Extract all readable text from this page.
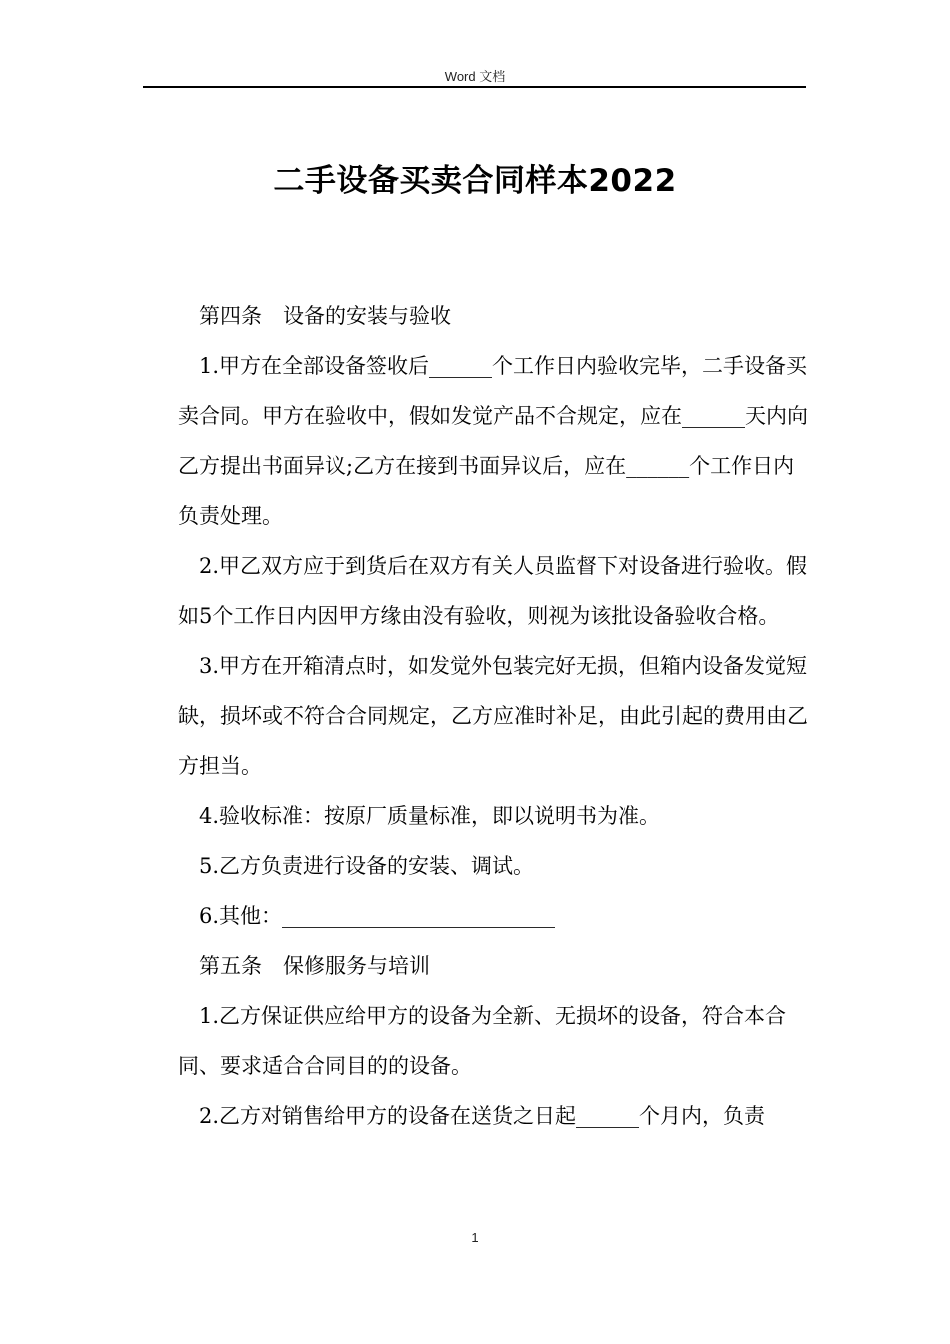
Word 文档
二手设备买卖合同样本2022

第四条　设备的安装与验收

1.甲方在全部设备签收后______个工作日内验收完毕，二手设备买卖合同。甲方在验收中，假如发觉产品不合规定，应在______天内向乙方提出书面异议;乙方在接到书面异议后，应在______个工作日内负责处理。

2.甲乙双方应于到货后在双方有关人员监督下对设备进行验收。假如5个工作日内因甲方缘由没有验收，则视为该批设备验收合格。

3.甲方在开箱清点时，如发觉外包装完好无损，但箱内设备发觉短缺，损坏或不符合合同规定，乙方应准时补足，由此引起的费用由乙方担当。

4.验收标准：按原厂质量标准，即以说明书为准。

5.乙方负责进行设备的安装、调试。

6.其他：__________________________

第五条　保修服务与培训

1.乙方保证供应给甲方的设备为全新、无损坏的设备，符合本合同、要求适合合同目的的设备。

2.乙方对销售给甲方的设备在送货之日起______个月内，负责

1
